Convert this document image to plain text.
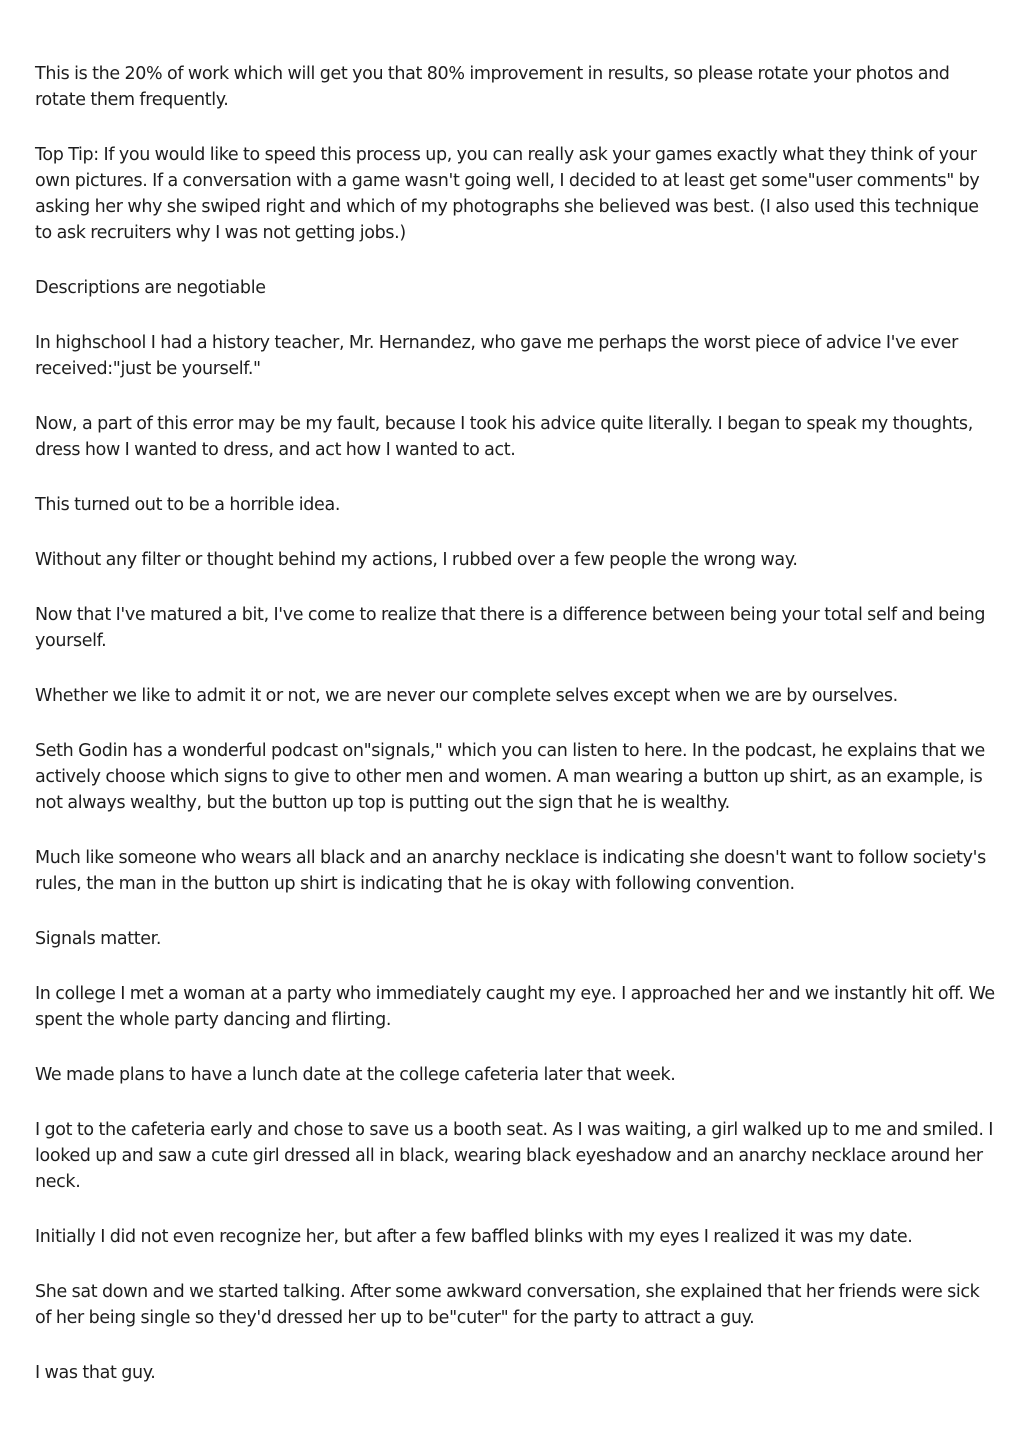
This is the 20% of work which will get you that 80% improvement in results, so please rotate your photos and rotate them frequently.

Top Tip: If you would like to speed this process up, you can really ask your games exactly what they think of your own pictures. If a conversation with a game wasn't going well, I decided to at least get some"user comments" by asking her why she swiped right and which of my photographs she believed was best. (I also used this technique to ask recruiters why I was not getting jobs.)

Descriptions are negotiable

In highschool I had a history teacher, Mr. Hernandez, who gave me perhaps the worst piece of advice I've ever received:"just be yourself."

Now, a part of this error may be my fault, because I took his advice quite literally. I began to speak my thoughts, dress how I wanted to dress, and act how I wanted to act.

This turned out to be a horrible idea.

Without any filter or thought behind my actions, I rubbed over a few people the wrong way.

Now that I've matured a bit, I've come to realize that there is a difference between being your total self and being yourself.

Whether we like to admit it or not, we are never our complete selves except when we are by ourselves.

Seth Godin has a wonderful podcast on"signals," which you can listen to here. In the podcast, he explains that we actively choose which signs to give to other men and women. A man wearing a button up shirt, as an example, is not always wealthy, but the button up top is putting out the sign that he is wealthy.

Much like someone who wears all black and an anarchy necklace is indicating she doesn't want to follow society's rules, the man in the button up shirt is indicating that he is okay with following convention.

Signals matter.

In college I met a woman at a party who immediately caught my eye. I approached her and we instantly hit off. We spent the whole party dancing and flirting.

We made plans to have a lunch date at the college cafeteria later that week.

I got to the cafeteria early and chose to save us a booth seat. As I was waiting, a girl walked up to me and smiled. I looked up and saw a cute girl dressed all in black, wearing black eyeshadow and an anarchy necklace around her neck.

Initially I did not even recognize her, but after a few baffled blinks with my eyes I realized it was my date.

She sat down and we started talking. After some awkward conversation, she explained that her friends were sick of her being single so they'd dressed her up to be"cuter" for the party to attract a guy.

I was that guy.
